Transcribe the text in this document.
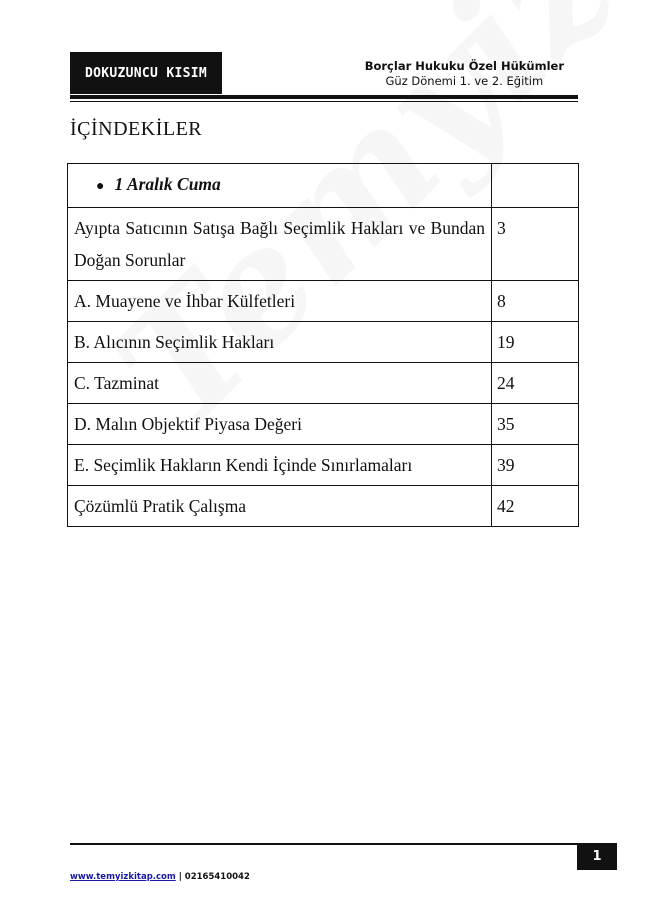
DOKUZUNCU KISIM	Borçlar Hukuku Özel Hükümler
Güz Dönemi 1. ve 2. Eğitim
İÇİNDEKİLER
● 1 Aralık Cuma	
Ayıpta Satıcının Satışa Bağlı Seçimlik Hakları ve Bundan Doğan Sorunlar	3
A. Muayene ve İhbar Külfetleri	8
B. Alıcının Seçimlik Hakları	19
C. Tazminat	24
D. Malın Objektif Piyasa Değeri	35
E. Seçimlik Hakların Kendi İçinde Sınırlamaları	39
Çözümlü Pratik Çalışma	42
1
www.temyizkitap.com | 02165410042
